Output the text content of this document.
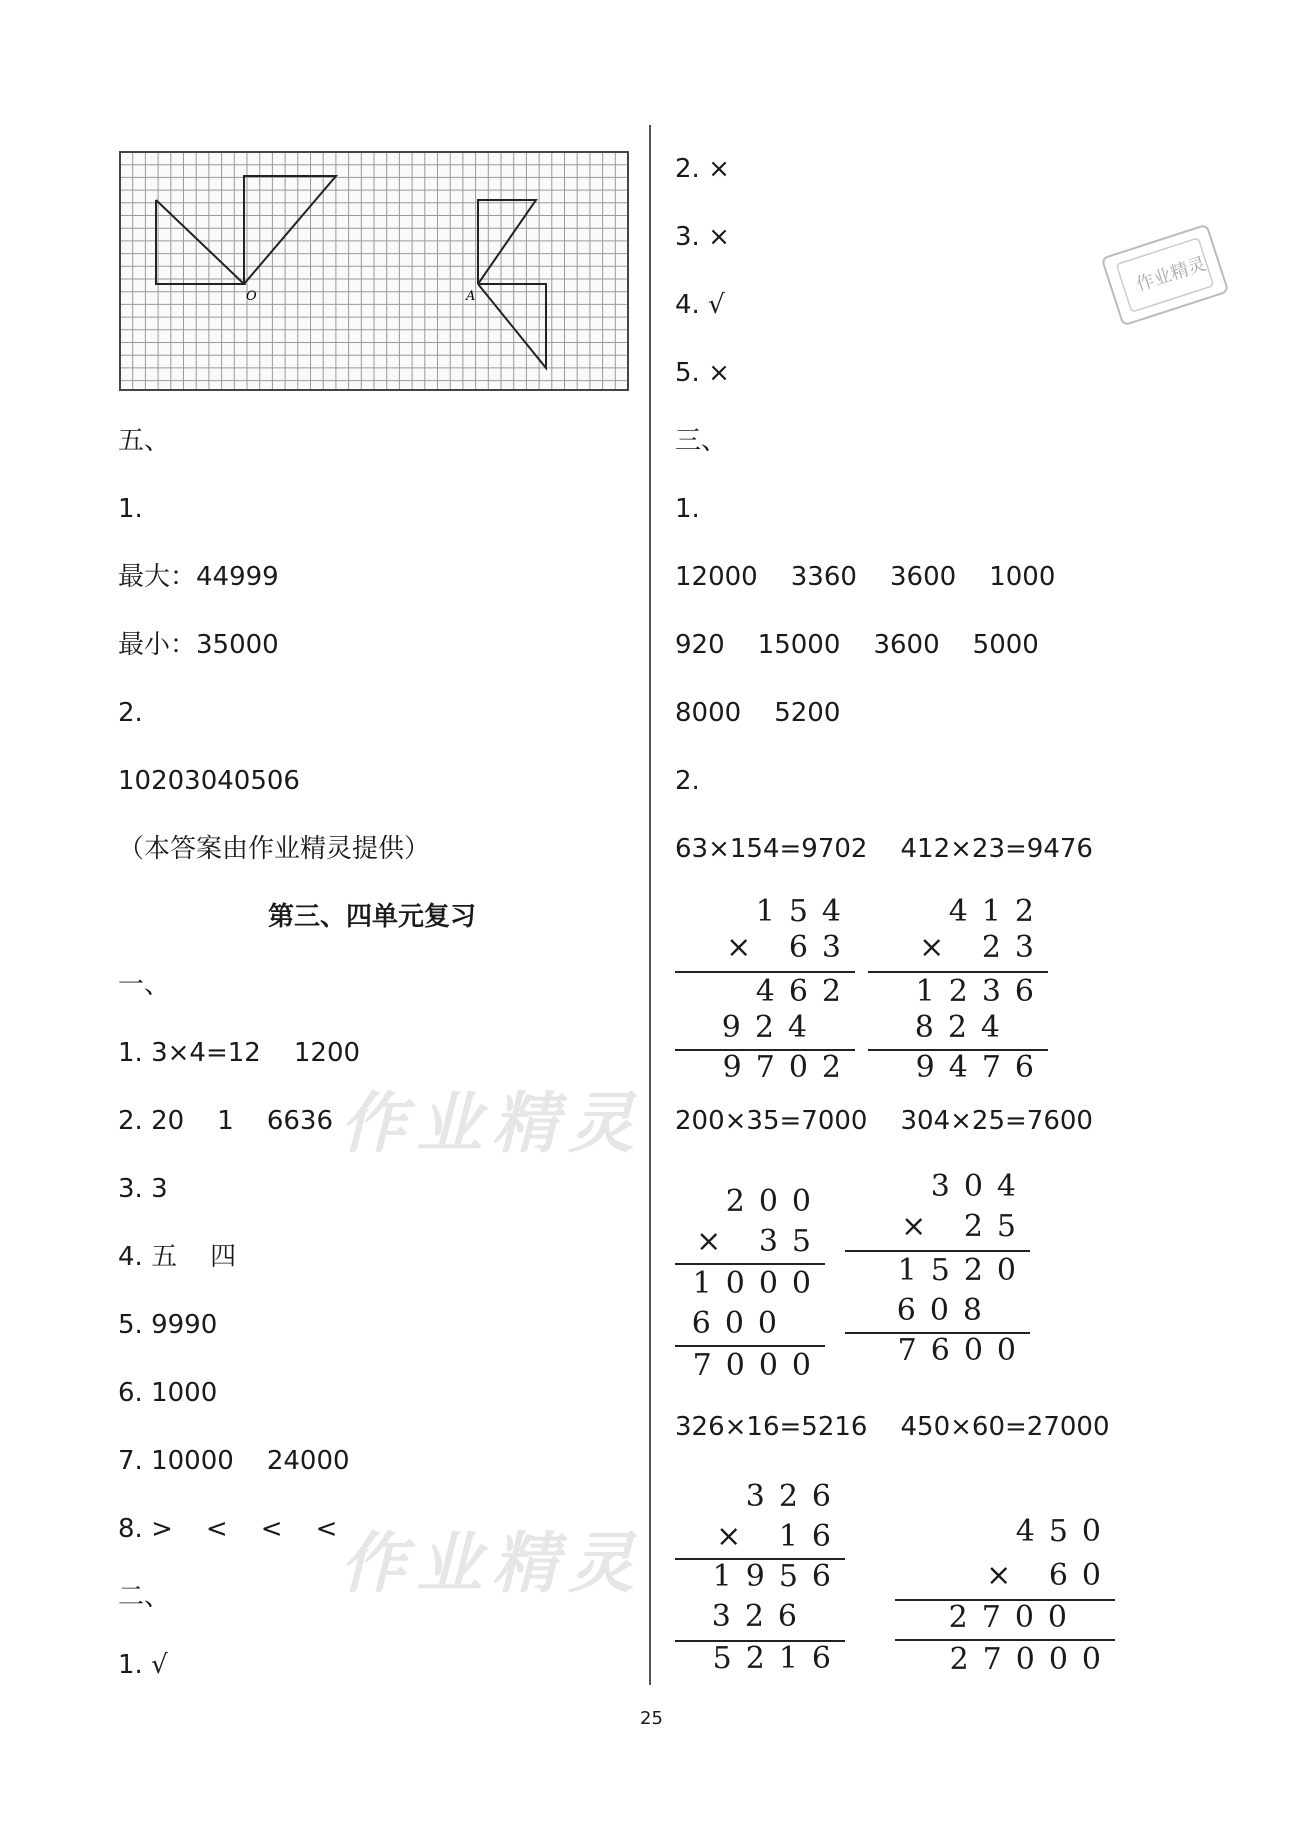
O	A
作业精灵
作业精灵
作业精灵
五、
1.
最大：44999
最小：35000
2.
10203040506
（本答案由作业精灵提供）
第三、四单元复习
一、
1. 3×4=12    1200
2. 20    1    6636
3. 3
4. 五    四
5. 9990
6. 1000
7. 10000    24000
8. >    <    <    <
二、
1. √
2. ×
3. ×
4. √
5. ×
三、
1.
12000    3360    3600    1000
920    15000    3600    5000
8000    5200
2.
63×154=9702    412×23=9476
154
× 63
462
924
9702
412
× 23
1236
824
9476
200×35=7000    304×25=7600
200
× 35
1000
600
7000
304
× 25
1520
608
7600
326×16=5216    450×60=27000
326
× 16
1956
326
5216
450
× 60
2700
27000
25
